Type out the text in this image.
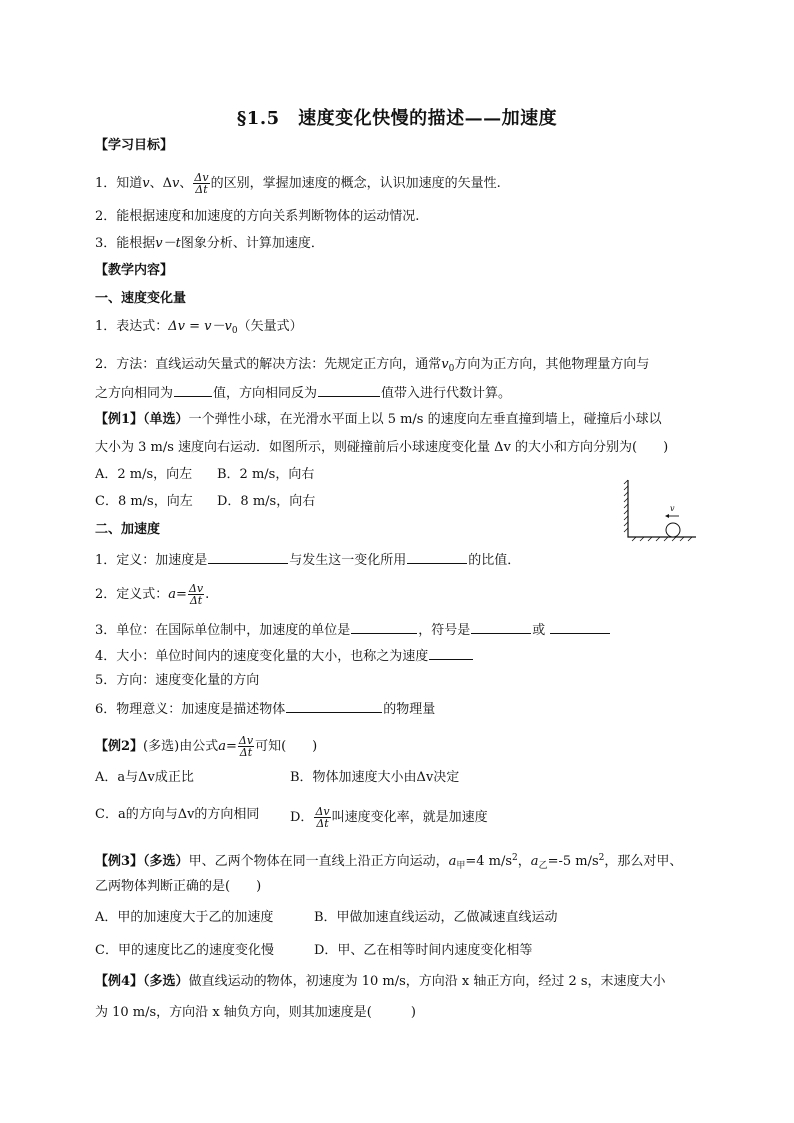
§1.5　速度变化快慢的描述——加速度
【学习目标】
1．知道v、Δv、 $\frac{\Delta v}{\Delta t}$ 的区别，掌握加速度的概念，认识加速度的矢量性.
2．能根据速度和加速度的方向关系判断物体的运动情况.
3．能根据v－t图象分析、计算加速度．
【教学内容】
一、速度变化量
1．表达式：$\Delta v = v-v_0$（矢量式）
2．方法：直线运动矢量式的解决方法：先规定正方向，通常$v_0$方向为正方向，其他物理量方向与
之方向相同为	值，方向相同反为	值带入进行代数计算。
【例1】（单选）一个弹性小球，在光滑水平面上以 5 m/s 的速度向左垂直撞到墙上，碰撞后小球以
大小为 3 m/s 速度向右运动．如图所示，则碰撞前后小球速度变化量 Δv 的大小和方向分别为(　　)
A．2 m/s，向左 B．2 m/s，向右
C．8 m/s，向左 D．8 m/s，向右	v
二、加速度
1．定义：加速度是	与发生这一变化所用	的比值．
2．定义式：$a= \frac{\Delta v}{\Delta t}$ .
3．单位：在国际单位制中，加速度的单位是	，符号是	或
4．大小：单位时间内的速度变化量的大小，也称之为速度
5．方向：速度变化量的方向
6．物理意义：加速度是描述物体	的物理量
【例2】(多选)由公式$a= \frac{\Delta v}{\Delta t}$ 可知(　　)
A．a与Δv成正比	B．物体加速度大小由Δv决定
C．a的方向与Δv的方向相同 D． $\frac{\Delta v}{\Delta t}$ 叫速度变化率，就是加速度
【例3】（多选）甲、乙两个物体在同一直线上沿正方向运动，$a_甲=4$ $m/s^2$，$a_乙=-5$ $m/s^2$，那么对甲、
乙两物体判断正确的是(　　)
A．甲的加速度大于乙的加速度	B．甲做加速直线运动，乙做减速直线运动
C．甲的速度比乙的速度变化慢	D．甲、乙在相等时间内速度变化相等
【例4】（多选）做直线运动的物体，初速度为 10 m/s，方向沿 x 轴正方向，经过 2 s，末速度大小
为 10 m/s，方向沿 x 轴负方向，则其加速度是(　　　)
